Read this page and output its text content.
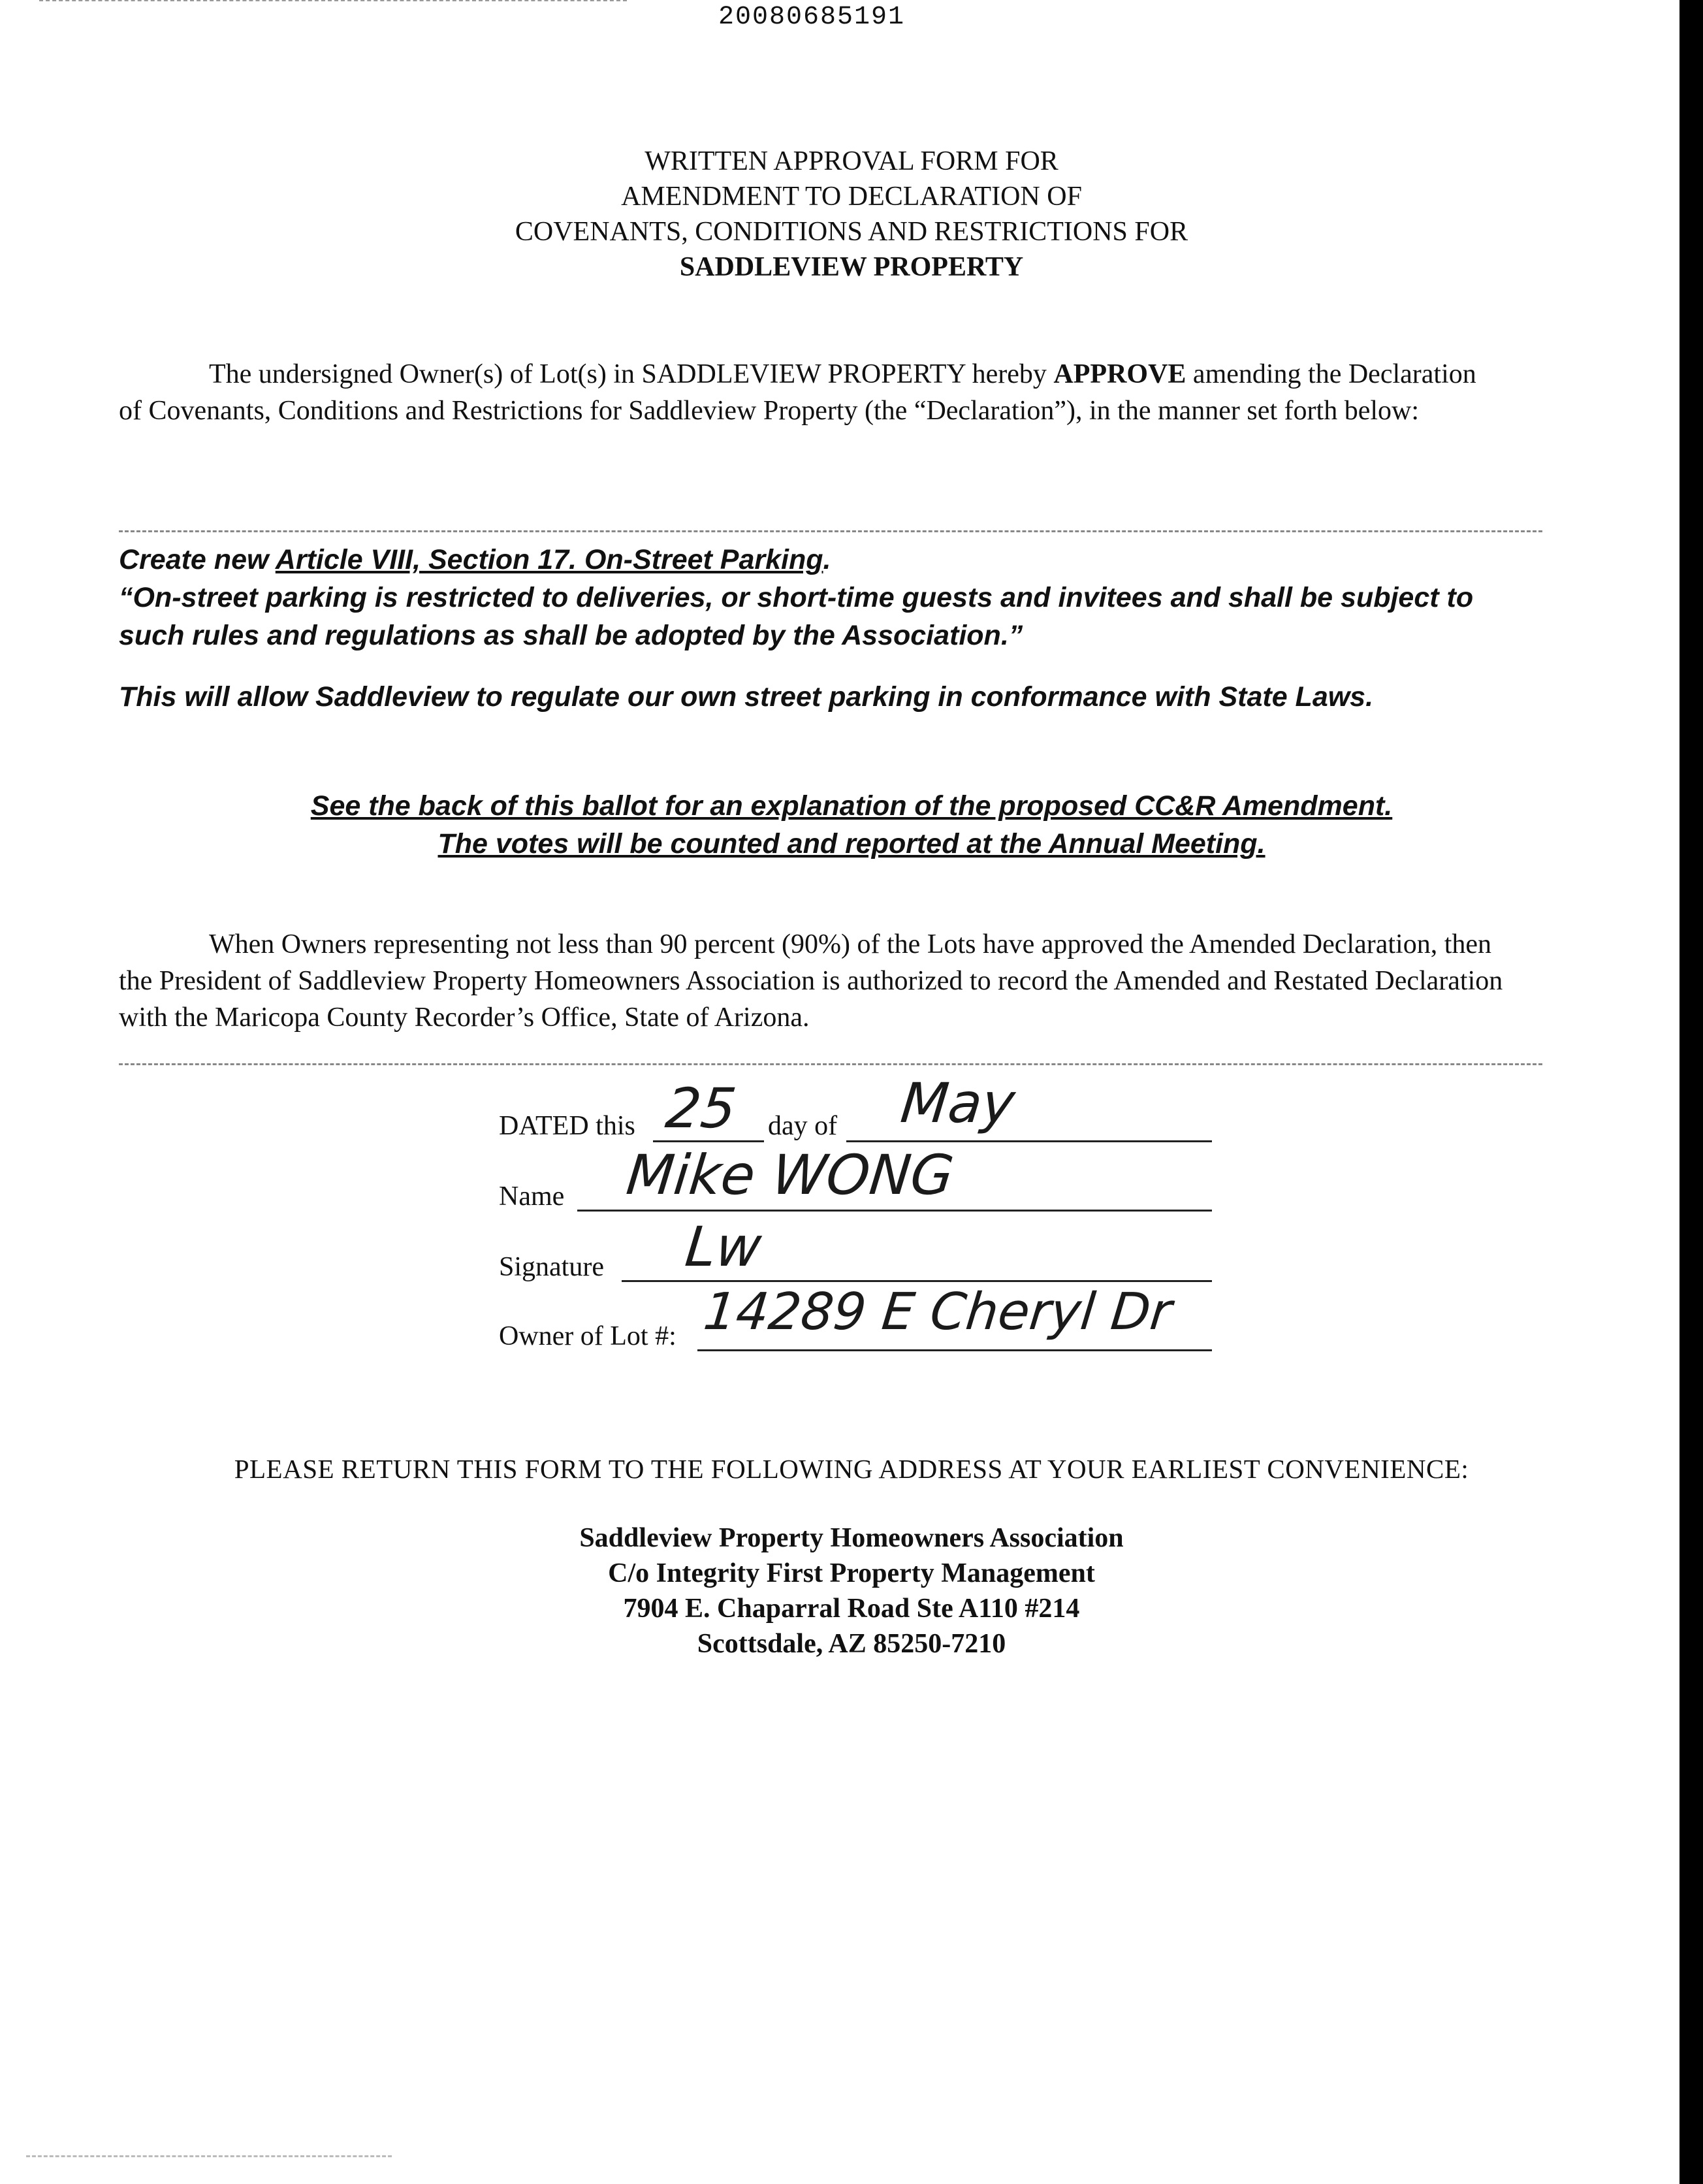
20080685191
WRITTEN APPROVAL FORM FOR
AMENDMENT TO DECLARATION OF
COVENANTS, CONDITIONS AND RESTRICTIONS FOR
SADDLEVIEW PROPERTY
The undersigned Owner(s) of Lot(s) in SADDLEVIEW PROPERTY hereby APPROVE amending the Declaration of Covenants, Conditions and Restrictions for Saddleview Property (the “Declaration”), in the manner set forth below:
Create new Article VIII, Section 17. On-Street Parking.
“On-street parking is restricted to deliveries, or short-time guests and invitees and shall be subject to such rules and regulations as shall be adopted by the Association.”
This will allow Saddleview to regulate our own street parking in conformance with State Laws.
See the back of this ballot for an explanation of the proposed CC&R Amendment.
The votes will be counted and reported at the Annual Meeting.
When Owners representing not less than 90 percent (90%) of the Lots have approved the Amended Declaration, then the President of Saddleview Property Homeowners Association is authorized to record the Amended and Restated Declaration with the Maricopa County Recorder’s Office, State of Arizona.
DATED this 25 day of May
Name Mike WONG
Signature Lw
Owner of Lot #: 14289 E Cheryl Dr
PLEASE RETURN THIS FORM TO THE FOLLOWING ADDRESS AT YOUR EARLIEST CONVENIENCE:
Saddleview Property Homeowners Association
C/o Integrity First Property Management
7904 E. Chaparral Road Ste A110 #214
Scottsdale, AZ 85250-7210
